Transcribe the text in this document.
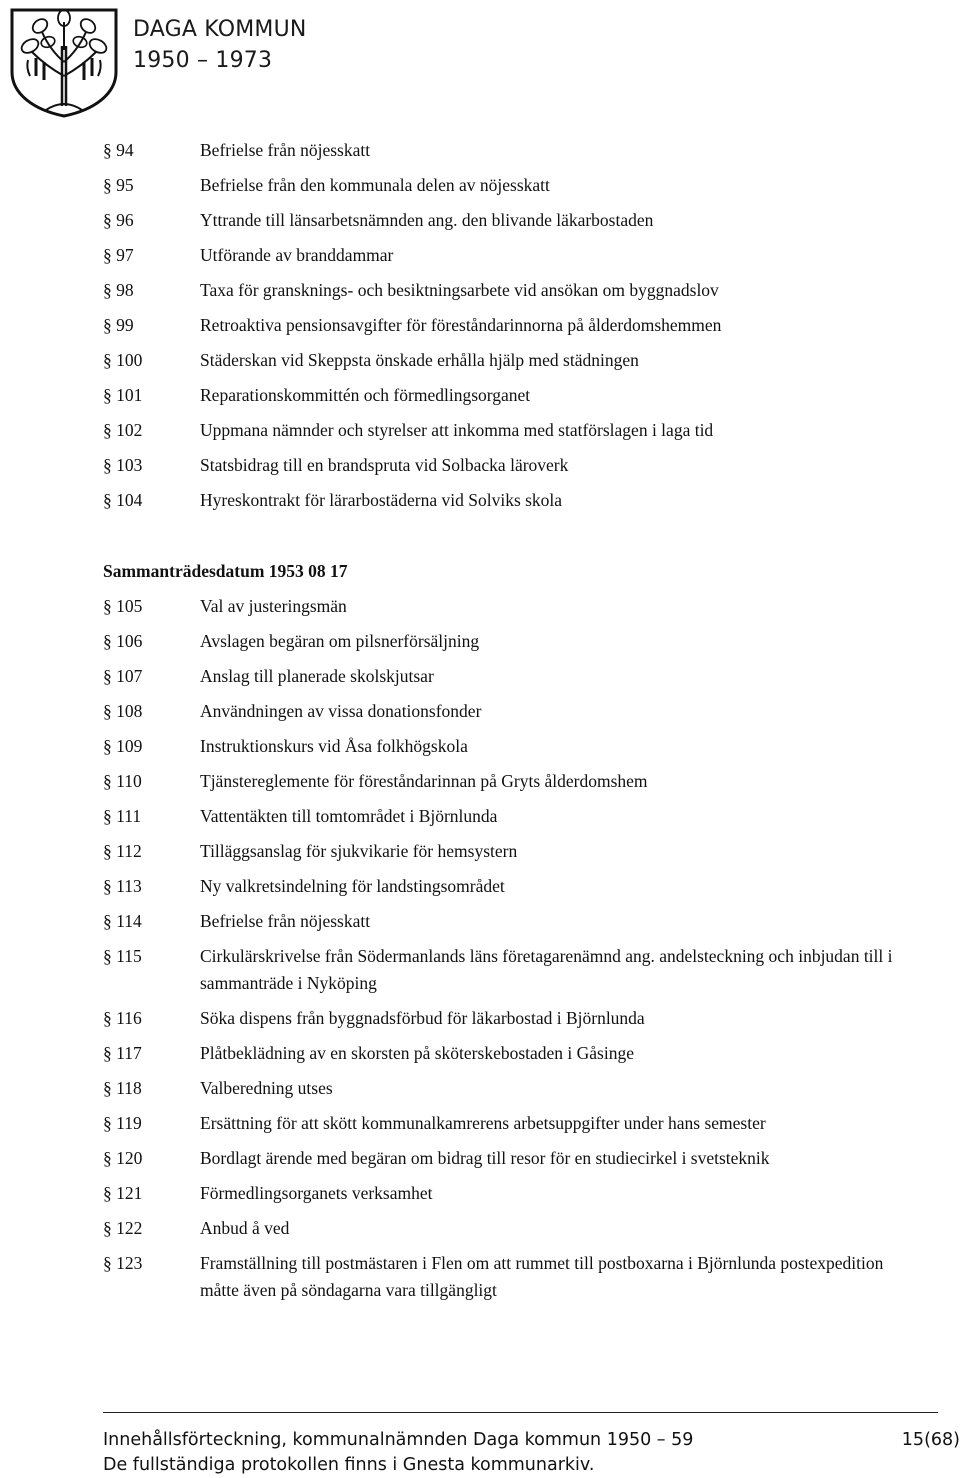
DAGA KOMMUN
1950 – 1973
§ 94	Befrielse från nöjesskatt
§ 95	Befrielse från den kommunala delen av nöjesskatt
§ 96	Yttrande till länsarbetsnämnden ang. den blivande läkarbostaden
§ 97	Utförande av branddammar
§ 98	Taxa för gransknings- och besiktningsarbete vid ansökan om byggnadslov
§ 99	Retroaktiva pensionsavgifter för föreståndarinnorna på ålderdomshemmen
§ 100	Städerskan vid Skeppsta önskade erhålla hjälp med städningen
§ 101	Reparationskommittén och förmedlingsorganet
§ 102	Uppmana nämnder och styrelser att inkomma med statförslagen i laga tid
§ 103	Statsbidrag till en brandspruta vid Solbacka läroverk
§ 104	Hyreskontrakt för lärarbostäderna vid Solviks skola
Sammanträdesdatum 1953 08 17
§ 105	Val av justeringsmän
§ 106	Avslagen begäran om pilsnerförsäljning
§ 107	Anslag till planerade skolskjutsar
§ 108	Användningen av vissa donationsfonder
§ 109	Instruktionskurs vid Åsa folkhögskola
§ 110	Tjänstereglemente för föreståndarinnan på Gryts ålderdomshem
§ 111	Vattentäkten till tomtområdet i Björnlunda
§ 112	Tilläggsanslag för sjukvikarie för hemsystern
§ 113	Ny valkretsindelning för landstingsområdet
§ 114	Befrielse från nöjesskatt
§ 115	Cirkulärskrivelse från Södermanlands läns företagarenämnd ang. andelsteckning och inbjudan till i sammanträde i Nyköping
§ 116	Söka dispens från byggnadsförbud för läkarbostad i Björnlunda
§ 117	Plåtbeklädning av en skorsten på sköterskebostaden i Gåsinge
§ 118	Valberedning utses
§ 119	Ersättning för att skött kommunalkamrerens arbetsuppgifter under hans semester
§ 120	Bordlagt ärende med begäran om bidrag till resor för en studiecirkel i svetsteknik
§ 121	Förmedlingsorganets verksamhet
§ 122	Anbud å ved
§ 123	Framställning till postmästaren i Flen om att rummet till postboxarna i Björnlunda postexpedition måtte även på söndagarna vara tillgängligt
Innehållsförteckning, kommunalnämnden Daga kommun 1950 – 59	15(68)
De fullständiga protokollen finns i Gnesta kommunarkiv.
